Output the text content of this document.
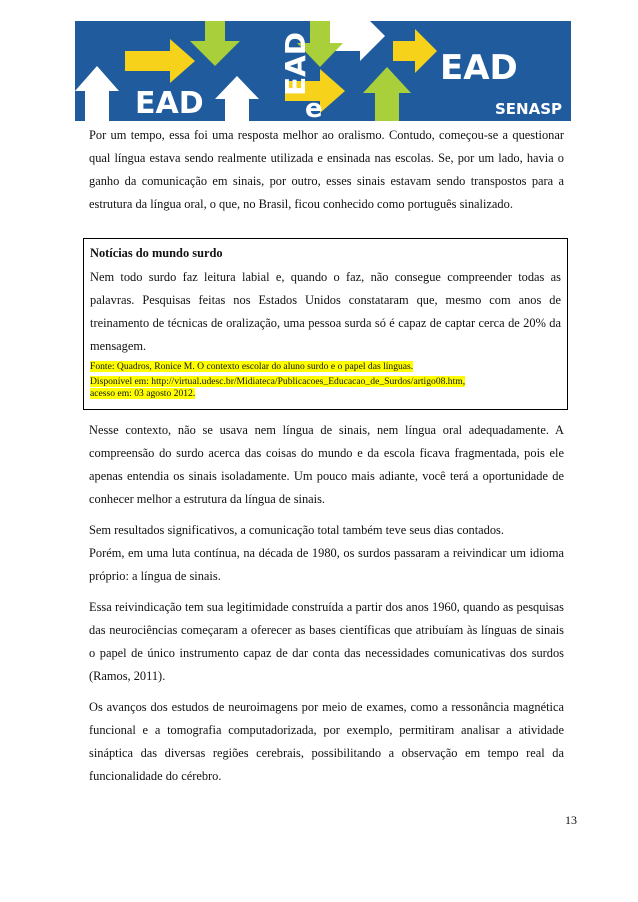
EAD
EAD
e
EAD
SENASP

Por um tempo, essa foi uma resposta melhor ao oralismo. Contudo, começou-se a questionar qual língua estava sendo realmente utilizada e ensinada nas escolas. Se, por um lado, havia o ganho da comunicação em sinais, por outro, esses sinais estavam sendo transpostos para a estrutura da língua oral, o que, no Brasil, ficou conhecido como português sinalizado.

Notícias do mundo surdo

Nem todo surdo faz leitura labial e, quando o faz, não consegue compreender todas as palavras. Pesquisas feitas nos Estados Unidos constataram que, mesmo com anos de treinamento de técnicas de oralização, uma pessoa surda só é capaz de captar cerca de 20% da mensagem.

Fonte: Quadros, Ronice M. O contexto escolar do aluno surdo e o papel das línguas.

Disponível em: http://virtual.udesc.br/Midiateca/Publicacoes_Educacao_de_Surdos/artigo08.htm,
acesso em: 03 agosto 2012.

Nesse contexto, não se usava nem língua de sinais, nem língua oral adequadamente. A compreensão do surdo acerca das coisas do mundo e da escola ficava fragmentada, pois ele apenas entendia os sinais isoladamente. Um pouco mais adiante, você terá a oportunidade de conhecer melhor a estrutura da língua de sinais.

Sem resultados significativos, a comunicação total também teve seus dias contados.

Porém, em uma luta contínua, na década de 1980, os surdos passaram a reivindicar um idioma próprio: a língua de sinais.

Essa reivindicação tem sua legitimidade construída a partir dos anos 1960, quando as pesquisas das neurociências começaram a oferecer as bases científicas que atribuíam às línguas de sinais o papel de único instrumento capaz de dar conta das necessidades comunicativas dos surdos (Ramos, 2011).

Os avanços dos estudos de neuroimagens por meio de exames, como a ressonância magnética funcional e a tomografia computadorizada, por exemplo, permitiram analisar a atividade sináptica das diversas regiões cerebrais, possibilitando a observação em tempo real da funcionalidade do cérebro.

13
